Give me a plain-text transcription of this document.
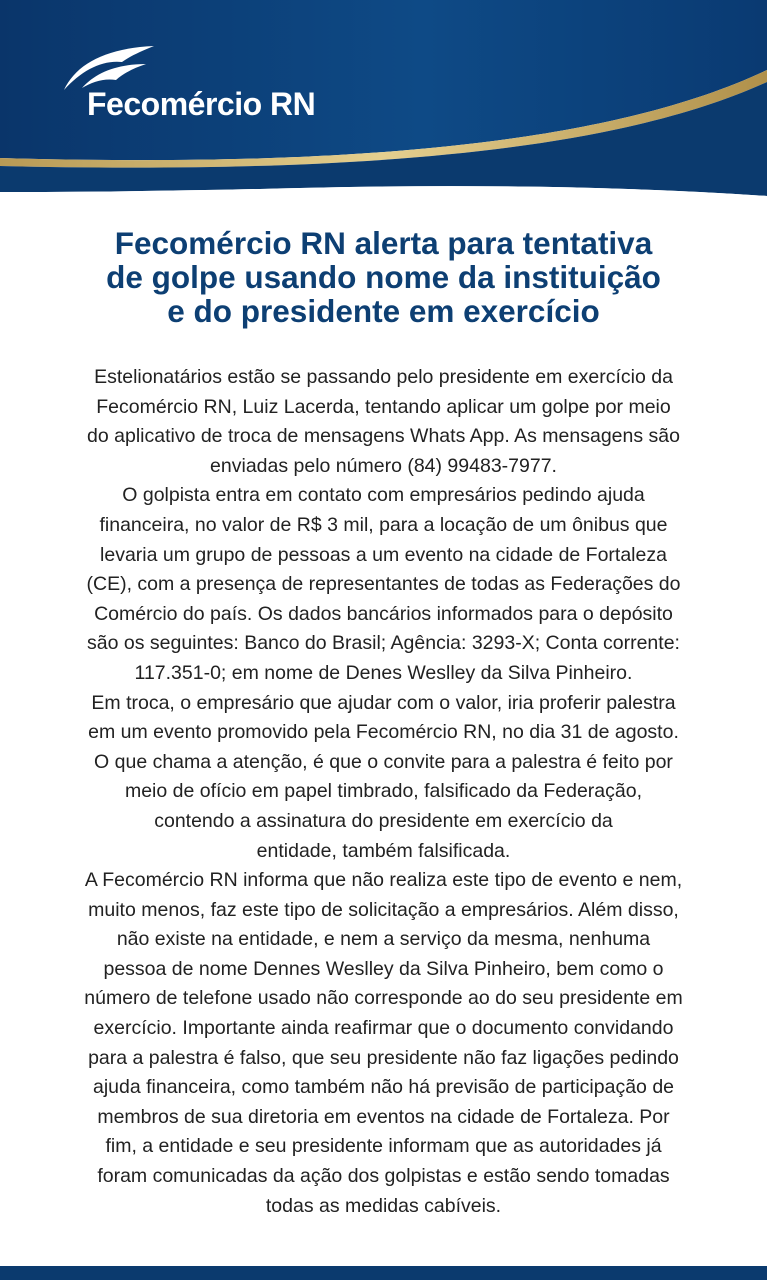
Fecomércio RN
Fecomércio RN alerta para tentativa
de golpe usando nome da instituição
e do presidente em exercício
Estelionatários estão se passando pelo presidente em exercício da
Fecomércio RN, Luiz Lacerda, tentando aplicar um golpe por meio
do aplicativo de troca de mensagens Whats App. As mensagens são
enviadas pelo número (84) 99483-7977.
O golpista entra em contato com empresários pedindo ajuda
financeira, no valor de R$ 3 mil, para a locação de um ônibus que
levaria um grupo de pessoas a um evento na cidade de Fortaleza
(CE), com a presença de representantes de todas as Federações do
Comércio do país. Os dados bancários informados para o depósito
são os seguintes: Banco do Brasil; Agência: 3293-X; Conta corrente:
117.351-0; em nome de Denes Weslley da Silva Pinheiro.
Em troca, o empresário que ajudar com o valor, iria proferir palestra
em um evento promovido pela Fecomércio RN, no dia 31 de agosto.
O que chama a atenção, é que o convite para a palestra é feito por
meio de ofício em papel timbrado, falsificado da Federação,
contendo a assinatura do presidente em exercício da
entidade, também falsificada.
A Fecomércio RN informa que não realiza este tipo de evento e nem,
muito menos, faz este tipo de solicitação a empresários. Além disso,
não existe na entidade, e nem a serviço da mesma, nenhuma
pessoa de nome Dennes Weslley da Silva Pinheiro, bem como o
número de telefone usado não corresponde ao do seu presidente em
exercício. Importante ainda reafirmar que o documento convidando
para a palestra é falso, que seu presidente não faz ligações pedindo
ajuda financeira, como também não há previsão de participação de
membros de sua diretoria em eventos na cidade de Fortaleza. Por
fim, a entidade e seu presidente informam que as autoridades já
foram comunicadas da ação dos golpistas e estão sendo tomadas
todas as medidas cabíveis.
